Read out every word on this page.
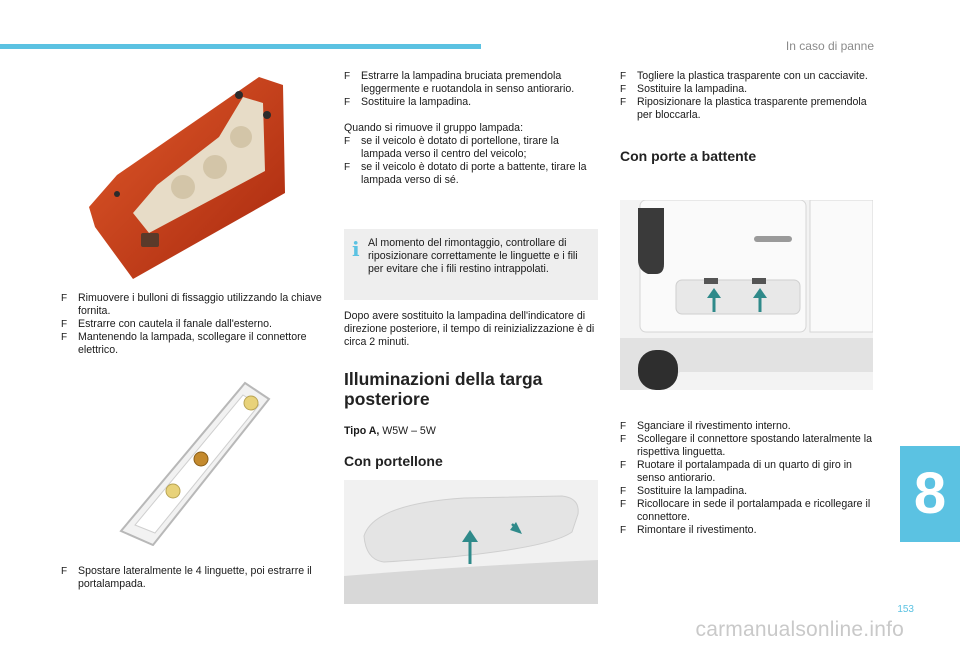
In caso di panne
F Rimuovere i bulloni di fissaggio utilizzando la chiave fornita.
F Estrarre con cautela il fanale dall'esterno.
F Mantenendo la lampada, scollegare il connettore elettrico.
F Spostare lateralmente le 4 linguette, poi estrarre il portalampada.
F Estrarre la lampadina bruciata premendola leggermente e ruotandola in senso antiorario.
F Sostituire la lampadina.

Quando si rimuove il gruppo lampada:

F se il veicolo è dotato di portellone, tirare la lampada verso il centro del veicolo;
F se il veicolo è dotato di porte a battente, tirare la lampada verso di sé.
i Al momento del rimontaggio, controllare di riposizionare correttamente le linguette e i fili per evitare che i fili restino intrappolati.

Dopo avere sostituito la lampadina dell'indicatore di direzione posteriore, il tempo di reinizializzazione è di circa 2 minuti.

Illuminazioni della targa posteriore

Tipo A, W5W – 5W

Con portellone
F Togliere la plastica trasparente con un cacciavite.
F Sostituire la lampadina.
F Riposizionare la plastica trasparente premendola per bloccarla.
Con porte a battente
F Sganciare il rivestimento interno.
F Scollegare il connettore spostando lateralmente la rispettiva linguetta.
F Ruotare il portalampada di un quarto di giro in senso antiorario.
F Sostituire la lampadina.
F Ricollocare in sede il portalampada e ricollegare il connettore.
F Rimontare il rivestimento.
8
153
carmanualsonline.info
